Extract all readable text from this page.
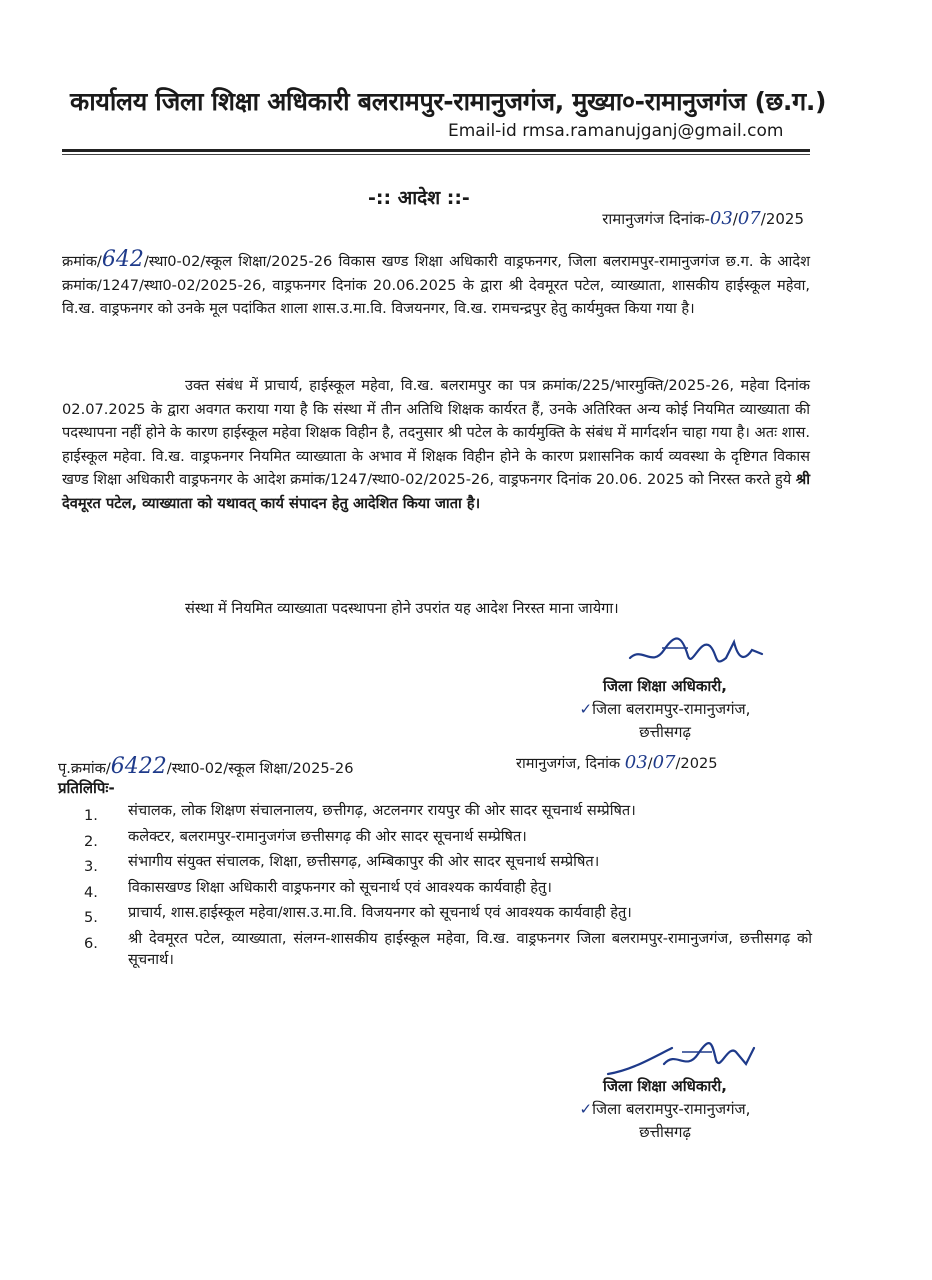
कार्यालय जिला शिक्षा अधिकारी बलरामपुर-रामानुजगंज, मुख्या०-रामानुजगंज (छ.ग.)
Email-id rmsa.ramanujganj@gmail.com
-:: आदेश ::-
रामानुजगंज दिनांक-03/07/2025
क्रमांक/642/स्था0-02/स्कूल शिक्षा/2025-26 विकास खण्ड शिक्षा अधिकारी वाड्रफनगर, जिला बलरामपुर-रामानुजगंज छ.ग. के आदेश क्रमांक/1247/स्था0-02/2025-26, वाड्रफनगर दिनांक 20.06.2025 के द्वारा श्री देवमूरत पटेल, व्याख्याता, शासकीय हाईस्कूल महेवा, वि.ख. वाड्रफनगर को उनके मूल पदांकित शाला शास.उ.मा.वि. विजयनगर, वि.ख. रामचन्द्रपुर हेतु कार्यमुक्त किया गया है।
उक्त संबंध में प्राचार्य, हाईस्कूल महेवा, वि.ख. बलरामपुर का पत्र क्रमांक/225/भारमुक्ति/2025-26, महेवा दिनांक 02.07.2025 के द्वारा अवगत कराया गया है कि संस्था में तीन अतिथि शिक्षक कार्यरत हैं, उनके अतिरिक्त अन्य कोई नियमित व्याख्याता की पदस्थापना नहीं होने के कारण हाईस्कूल महेवा शिक्षक विहीन है, तदनुसार श्री पटेल के कार्यमुक्ति के संबंध में मार्गदर्शन चाहा गया है। अतः शास. हाईस्कूल महेवा. वि.ख. वाड्रफनगर नियमित व्याख्याता के अभाव में शिक्षक विहीन होने के कारण प्रशासनिक कार्य व्यवस्था के दृष्टिगत विकास खण्ड शिक्षा अधिकारी वाड्रफनगर के आदेश क्रमांक/1247/स्था0-02/2025-26, वाड्रफनगर दिनांक 20.06. 2025 को निरस्त करते हुये श्री देवमूरत पटेल, व्याख्याता को यथावत् कार्य संपादन हेतु आदेशित किया जाता है।
संस्था में नियमित व्याख्याता पदस्थापना होने उपरांत यह आदेश निरस्त माना जायेगा।
जिला शिक्षा अधिकारी,
✓जिला बलरामपुर-रामानुजगंज,
छत्तीसगढ़
पृ.क्रमांक/6422/स्था0-02/स्कूल शिक्षा/2025-26	रामानुजगंज, दिनांक 03/07/2025
प्रतिलिपिः-
1. संचालक, लोक शिक्षण संचालनालय, छत्तीगढ़, अटलनगर रायपुर की ओर सादर सूचनार्थ सम्प्रेषित।
2. कलेक्टर, बलरामपुर-रामानुजगंज छत्तीसगढ़ की ओर सादर सूचनार्थ सम्प्रेषित।
3. संभागीय संयुक्त संचालक, शिक्षा, छत्तीसगढ़, अम्बिकापुर की ओर सादर सूचनार्थ सम्प्रेषित।
4. विकासखण्ड शिक्षा अधिकारी वाड्रफनगर को सूचनार्थ एवं आवश्यक कार्यवाही हेतु।
5. प्राचार्य, शास.हाईस्कूल महेवा/शास.उ.मा.वि. विजयनगर को सूचनार्थ एवं आवश्यक कार्यवाही हेतु।
6. श्री देवमूरत पटेल, व्याख्याता, संलग्न-शासकीय हाईस्कूल महेवा, वि.ख. वाड्रफनगर जिला बलरामपुर-रामानुजगंज, छत्तीसगढ़ को सूचनार्थ।
जिला शिक्षा अधिकारी,
✓जिला बलरामपुर-रामानुजगंज,
छत्तीसगढ़
